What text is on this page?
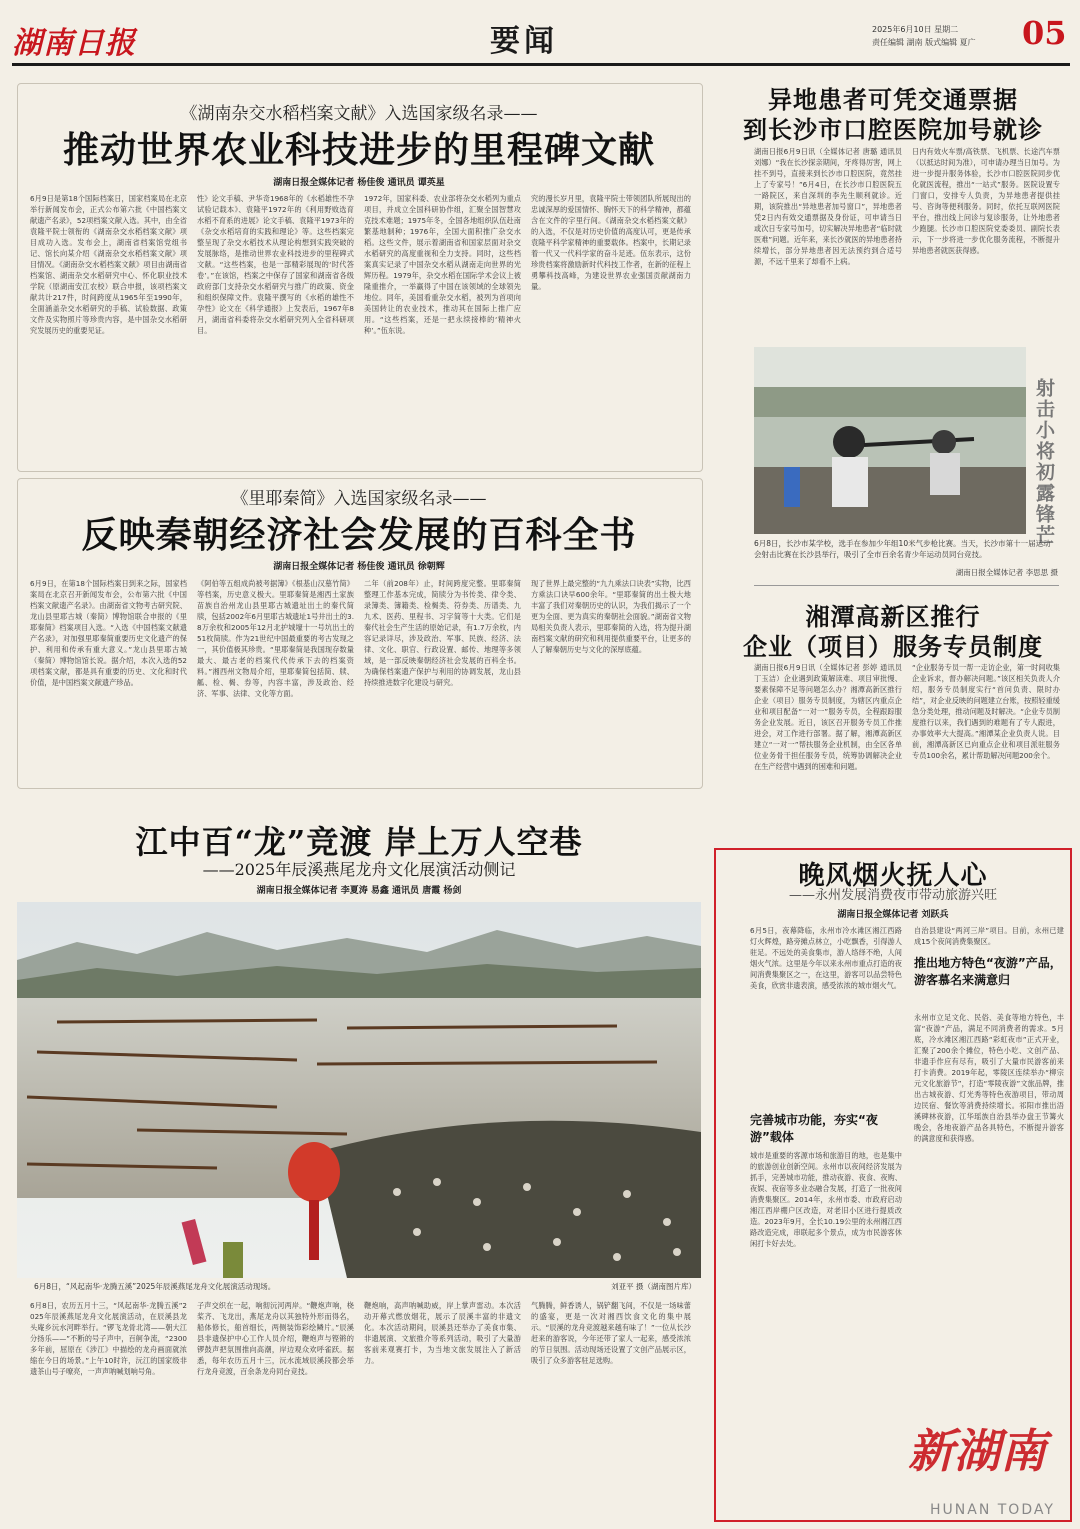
湖南日报	要闻	2025年6月10日 星期二
责任编辑 湖南 版式编辑 夏广 05
《湖南杂交水稻档案文献》入选国家级名录——
推动世界农业科技进步的里程碑文献
湖南日报全媒体记者 杨佳俊 通讯员 谭英星
6月9日是第18个国际档案日，国家档案局在北京举行新闻发布会，正式公布第六批《中国档案文献遗产名录》，52项档案文献入选。其中，由全省袁隆平院士领衔的《湖南杂交水稻档案文献》项目成功入选。发布会上，湖南省档案馆党组书记、馆长向某介绍《湖南杂交水稻档案文献》项目情况。《湖南杂交水稻档案文献》项目由湖南省档案馆、湖南杂交水稻研究中心、怀化职业技术学院（原湖南安江农校）联合申报，该项档案文献共计217件，时间跨度从1965年至1990年，全面涵盖杂交水稻研究的手稿、试验数据、政策文件及实物照片等珍贵内容，是中国杂交水稻研究发展历史的重要见证。
性》论文手稿、尹华奇1968年的《水稻雄性不孕试验记载本》、袁隆平1972年的《利用野败选育水稻不育系的进展》论文手稿、袁隆平1973年的《杂交水稻培育的实践和理论》等。这些档案完整呈现了杂交水稻技术从理论构想到实践突破的发展脉络，是推动世界农业科技进步的里程碑式文献。“这些档案，也是一部精彩展现的‘时代答卷’。”在该馆，档案之中保存了国家和湖南省各级政府部门支持杂交水稻研究与推广的政策、资金和组织保障文件。袁隆平撰写的《水稻的雄性不孕性》论文在《科学通报》上发表后，1967年8月，湖南省科委将杂交水稻研究列入全省科研项目。
1972年，国家科委、农业部将杂交水稻列为重点项目，并成立全国科研协作组，汇聚全国智慧攻克技术难题；1975年冬，全国各地组织队伍赴南繁基地制种；1976年，全国大面积推广杂交水稻。这些文件，展示着湖南省和国家层面对杂交水稻研究的高度重视和全力支持。同时，这些档案真实记录了中国杂交水稻从湖南走向世界的光辉历程。1979年，杂交水稻在国际学术会议上被隆重推介，一举赢得了中国在该领域的全球领先地位。同年，美国看重杂交水稻，被列为首项向美国转让的农业技术，推动其在国际上推广应用。“这些档案，还是一把永续接棒的‘精神火种’。”伍东说。
究的漫长岁月里，袁隆平院士带领团队所展现出的忠诚深厚的爱国情怀、胸怀天下的科学精神，都蕴含在文件的字里行间。《湖南杂交水稻档案文献》的入选，不仅是对历史价值的高度认可，更是传承袁隆平科学家精神的重要载体。档案中，长期记录着一代又一代科学家的奋斗足迹。伍东表示，这份珍贵档案将激励新时代科技工作者，在新的征程上勇攀科技高峰，为建设世界农业强国贡献湖南力量。
《里耶秦简》入选国家级名录——
反映秦朝经济社会发展的百科全书
湖南日报全媒体记者 杨佳俊 通讯员 徐朝辉
6月9日，在第18个国际档案日到来之际，国家档案局在北京召开新闻发布会，公布第六批《中国档案文献遗产名录》。由湖南省文物考古研究院、龙山县里耶古城（秦简）博物馆联合申报的《里耶秦简》档案项目入选。“入选《中国档案文献遗产名录》，对加强里耶秦简重要历史文化遗产的保护、利用和传承有重大意义。”龙山县里耶古城（秦简）博物馆馆长说。据介绍，本次入选的52项档案文献，都是具有重要的历史、文化和时代价值，是中国档案文献遗产珍品。
《阿伯等五组成尚被考据簿》《根基山汉墓竹简》等档案，历史意义极大。里耶秦简是湘西土家族苗族自治州龙山县里耶古城遗址出土的秦代简牍，包括2002年6月里耶古城遗址1号井出土的3.8万余枚和2005年12月北护城壕十一号坑出土的51枚简牍。作为21世纪中国最重要的考古发现之一，其价值极其珍贵。“里耶秦简是我国现存数量最大、最古老的档案代代传承下去的档案资料。”湘西州文物局介绍，里耶秦简包括简、牍、觚、检、楬、券等，内容丰富，涉及政治、经济、军事、法律、文化等方面。
二年（前208年）止，时间跨度完整。里耶秦简整理工作基本完成，简牍分为书传类、律令类、录簿类、簿籍类、检楬类、符券类、历谱类、九九术、医药、里程书、习字简等十大类。它们是秦代社会生产生活的原始记录，有1.7万余枚，内容记录详尽，涉及政治、军事、民族、经济、法律、文化、职官、行政设置、邮传、地理等多领域，是一部反映秦朝经济社会发展的百科全书。为确保档案遗产保护与利用的协调发展，龙山县持续推进数字化建设与研究。
现了世界上最完整的“九九乘法口诀表”实物，比西方乘法口诀早600余年。“里耶秦简的出土极大地丰富了我们对秦朝历史的认识，为我们揭示了一个更为全面、更为真实的秦朝社会面貌。”湖南省文物局相关负责人表示，里耶秦简的入选，将为提升湖南档案文献的研究和利用提供重要平台，让更多的人了解秦朝历史与文化的深厚底蕴。
江中百“龙”竞渡 岸上万人空巷
——2025年辰溪燕尾龙舟文化展演活动侧记
湖南日报全媒体记者 李夏涛 易鑫 通讯员 唐霞 杨剑
6月8日，“风起南华·龙腾五溪”2025年辰溪燕尾龙舟文化展演活动现场。	刘亚平 摄（湖南图片库）
6月8日，农历五月十三，“风起南华·龙腾五溪”2025年辰溪燕尾龙舟文化展演活动，在辰溪县龙头庵乡沅水河畔举行。“锣飞龙骨北湾——朝大江分扬乐——”不断的号子声中，百舸争流，“2300多年前，屈原在《涉江》中描绘的龙舟画面就浓缩在今日的场景。”上午10时许，沅江的国家级非遗茶山号子嘹亮，一声声呐喊划响号角。
子声交织在一起，响彻沅河两岸。“鞭炮声响，桡桨齐、飞龙出，燕尾龙舟以其独特外形而得名，船体修长，船首细长，两侧装饰彩绘鳞片。”辰溪县非遗保护中心工作人员介绍，鞭炮声与铿锵的锣鼓声把氛围推向高潮，岸边观众欢呼雀跃。据悉，每年农历五月十三，沅水流域辰溪段都会举行龙舟竞渡，百余条龙舟同台竞技。
鞭炮响，高声呐喊助威，岸上掌声雷动。本次活动开幕式燃放烟花，展示了辰溪丰富的非遗文化。本次活动期间，辰溪县还举办了美食市集、非遗展演、文旅推介等系列活动，吸引了大量游客前来观赛打卡，为当地文旅发展注入了新活力。
气腾腾，鲜香诱人，锅铲翻飞间，不仅是一场味蕾的盛宴，更是一次对湘西饮食文化的集中展示。“辰溪的龙舟竞渡越来越有味了！”一位从长沙赶来的游客说，今年还带了家人一起来，感受浓浓的节日氛围。活动现场还设置了文创产品展示区，吸引了众多游客驻足选购。
异地患者可凭交通票据
到长沙市口腔医院加号就诊
湖南日报6月9日讯（全媒体记者 唐璐 通讯员 刘娜）“我在长沙探亲期间，牙疼得厉害，网上挂不到号，直接来到长沙市口腔医院，竟然挂上了专家号！”6月4日，在长沙市口腔医院五一路院区，来自深圳的李先生顺利就诊。近期，该院推出“异地患者加号窗口”，异地患者凭2日内有效交通票据及身份证，可申请当日或次日专家号加号，切实解决异地患者“临时就医难”问题。近年来，来长沙就医的异地患者持续增长，部分异地患者因无法预约到合适号源，不远千里来了却看不上病。
日内有效火车票/高铁票、飞机票、长途汽车票（以抵达时间为准），可申请办理当日加号。为进一步提升服务体验，长沙市口腔医院同步优化就医流程，推出“一站式”服务。医院设置专门窗口，安排专人负责，为异地患者提供挂号、咨询等便利服务。同时，依托互联网医院平台，推出线上问诊与复诊服务，让外地患者少跑腿。长沙市口腔医院党委委员、副院长表示，下一步将进一步优化服务流程，不断提升异地患者就医获得感。
射击小将初露锋芒
6月8日，长沙市某学校，选手在参加少年组10米气步枪比赛。当天，长沙市第十一届运动会射击比赛在长沙县举行，吸引了全市百余名青少年运动员同台竞技。
湖南日报全媒体记者 李思思 摄
湘潭高新区推行
企业（项目）服务专员制度
湖南日报6月9日讯（全媒体记者 彭婷 通讯员 丁玉洁）企业遇到政策解读难、项目审批慢、要素保障不足等问题怎么办？湘潭高新区推行企业（项目）服务专员制度，为辖区内重点企业和项目配备“一对一”服务专员，全程跟踪服务企业发展。近日，该区召开服务专员工作推进会，对工作进行部署。据了解，湘潭高新区建立“一对一”帮扶服务企业机制，由全区各单位业务骨干担任服务专员，统筹协调解决企业在生产经营中遇到的困难和问题。
“企业服务专员一帮一走访企业，第一时间收集企业诉求，督办解决问题。”该区相关负责人介绍，服务专员制度实行“首问负责、限时办结”，对企业反映的问题建立台账，按照轻重缓急分类处理，推动问题及时解决。“企业专员制度推行以来，我们遇到的难题有了专人跟进，办事效率大大提高。”湘潭某企业负责人说。目前，湘潭高新区已向重点企业和项目派驻服务专员100余名，累计帮助解决问题200余个。
晚风烟火抚人心
——永州发展消费夜市带动旅游兴旺
湖南日报全媒体记者 刘跃兵
6月5日，夜幕降临，永州市冷水滩区湘江西路灯火辉煌，路旁摊点林立，小吃飘香，引得游人驻足。不远处的美食集市，游人络绎不绝，人间烟火气浓。这里是今年以来永州市重点打造的夜间消费集聚区之一，在这里，游客可以品尝特色美食，欣赏非遗表演，感受浓浓的城市烟火气。
完善城市功能，夯实“夜游”载体
城市是重要的客源市场和旅游目的地，也是集中的旅游创业创新空间。永州市以夜间经济发展为抓手，完善城市功能，推动夜游、夜食、夜购、夜娱、夜宿等多业态融合发展，打造了一批夜间消费集聚区。2014年，永州市委、市政府启动湘江西岸棚户区改造，对老旧小区进行提质改造。2023年9月，全长10.19公里的永州湘江西路改造完成，串联起多个景点，成为市民游客休闲打卡好去处。
自治县建设“两河三岸”项目。目前，永州已建成15个夜间消费集聚区。
推出地方特色“夜游”产品，游客慕名来满意归
永州市立足文化、民俗、美食等地方特色，丰富“夜游”产品，满足不同消费者的需求。5月底，冷水滩区湘江西路“彩虹夜市”正式开业，汇聚了200余个摊位，特色小吃、文创产品、非遗手作应有尽有，吸引了大量市民游客前来打卡消费。2019年起，零陵区连续举办“柳宗元文化旅游节”，打造“零陵夜游”文旅品牌，推出古城夜游、灯光秀等特色夜游项目，带动周边民宿、餐饮等消费持续增长。祁阳市推出浯溪碑林夜游，江华瑶族自治县举办盘王节篝火晚会，各地夜游产品各具特色，不断提升游客的满意度和获得感。
新湖南
HUNAN TODAY
